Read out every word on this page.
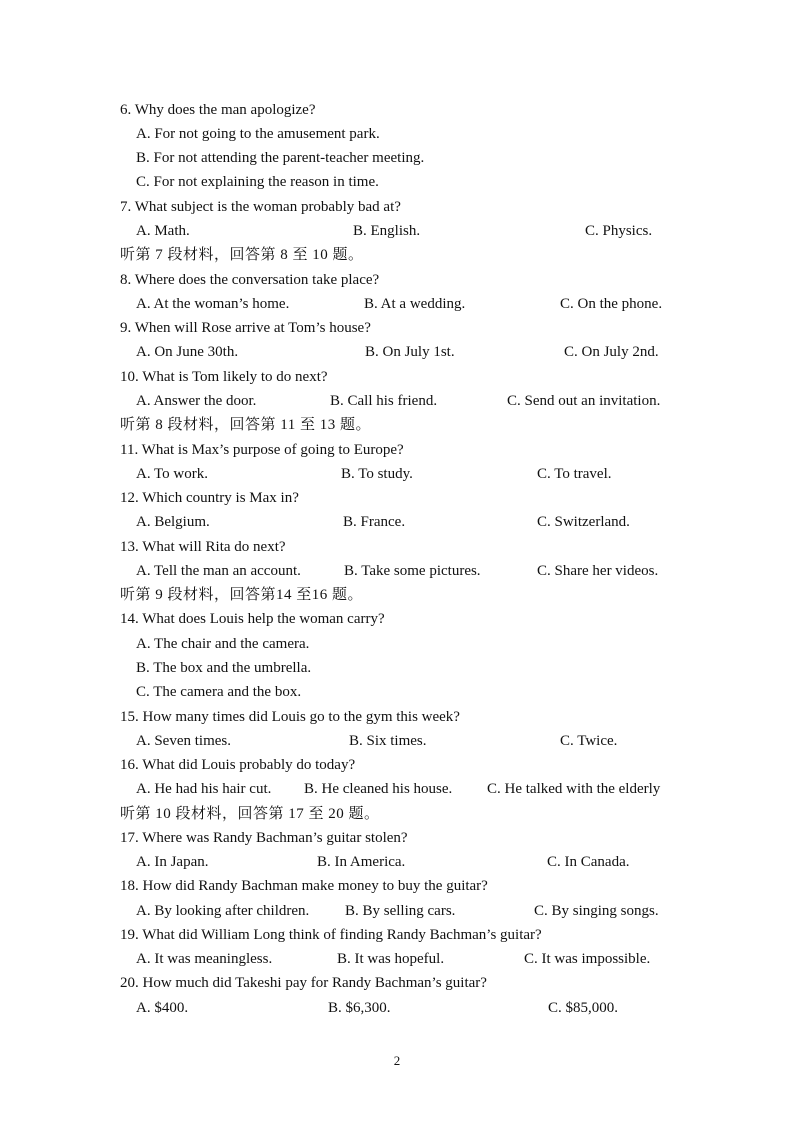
6. Why does the man apologize?
A. For not going to the amusement park.
B. For not attending the parent-teacher meeting.
C. For not explaining the reason in time.
7. What subject is the woman probably bad at?
A. Math.	B. English.	C. Physics.
听第 7 段材料，回答第 8 至 10 题。
8. Where does the conversation take place?
A. At the woman’s home.	B. At a wedding.	C. On the phone.
9. When will Rose arrive at Tom’s house?
A. On June 30th.	B. On July 1st.	C. On July 2nd.
10. What is Tom likely to do next?
A. Answer the door.	B. Call his friend.	C. Send out an invitation.
听第 8 段材料，回答第 11 至 13 题。
11. What is Max’s purpose of going to Europe?
A. To work.	B. To study.	C. To travel.
12. Which country is Max in?
A. Belgium.	B. France.	C. Switzerland.
13. What will Rita do next?
A. Tell the man an account.	B. Take some pictures.	C. Share her videos.
听第 9 段材料，回答第14 至16 题。
14. What does Louis help the woman carry?
A. The chair and the camera.
B. The box and the umbrella.
C. The camera and the box.
15. How many times did Louis go to the gym this week?
A. Seven times.	B. Six times.	C. Twice.
16. What did Louis probably do today?
A. He had his hair cut. B. He cleaned his house. C. He talked with the elderly
听第 10 段材料，回答第 17 至 20 题。
17. Where was Randy Bachman’s guitar stolen?
A. In Japan.	B. In America.	C. In Canada.
18. How did Randy Bachman make money to buy the guitar?
A. By looking after children. B. By selling cars.	C. By singing songs.
19. What did William Long think of finding Randy Bachman’s guitar?
A. It was meaningless.	B. It was hopeful.	C. It was impossible.
20. How much did Takeshi pay for Randy Bachman’s guitar?
A. $400.	B. $6,300.	C. $85,000.
2
